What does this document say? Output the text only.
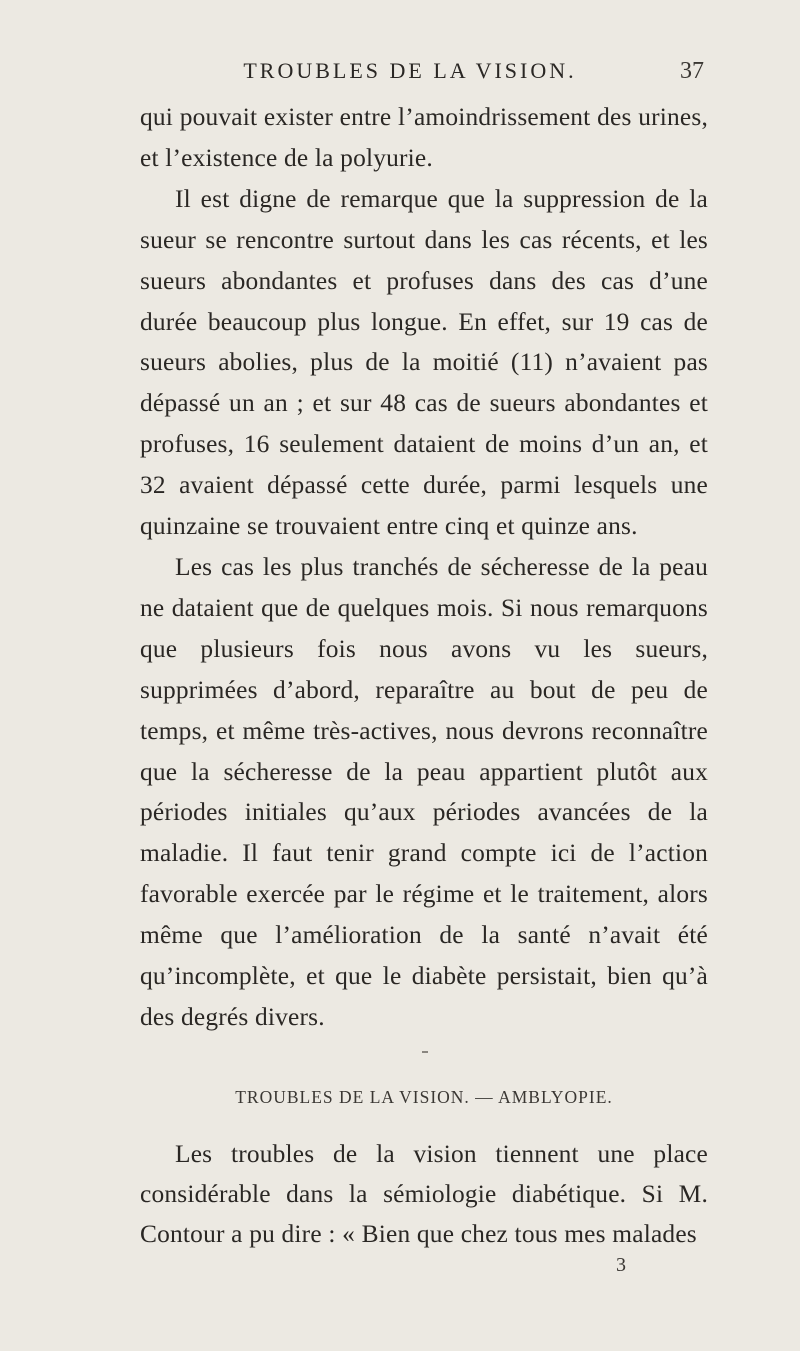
TROUBLES DE LA VISION.	37

qui pouvait exister entre l’amoindrissement des urines, et l’existence de la polyurie.

Il est digne de remarque que la suppression de la sueur se rencontre surtout dans les cas récents, et les sueurs abondantes et profuses dans des cas d’une durée beaucoup plus longue. En effet, sur 19 cas de sueurs abolies, plus de la moitié (11) n’avaient pas dépassé un an ; et sur 48 cas de sueurs abondantes et profuses, 16 seulement dataient de moins d’un an, et 32 avaient dépassé cette durée, parmi lesquels une quinzaine se trouvaient entre cinq et quinze ans.

Les cas les plus tranchés de sécheresse de la peau ne dataient que de quelques mois. Si nous remarquons que plusieurs fois nous avons vu les sueurs, supprimées d’abord, reparaître au bout de peu de temps, et même très-actives, nous devrons reconnaître que la sécheresse de la peau appartient plutôt aux périodes initiales qu’aux périodes avancées de la maladie. Il faut tenir grand compte ici de l’action favorable exercée par le régime et le traitement, alors même que l’amélioration de la santé n’avait été qu’incomplète, et que le diabète persistait, bien qu’à des degrés divers.

TROUBLES DE LA VISION. — AMBLYOPIE.

Les troubles de la vision tiennent une place considérable dans la sémiologie diabétique. Si M. Contour a pu dire : « Bien que chez tous mes malades

3
